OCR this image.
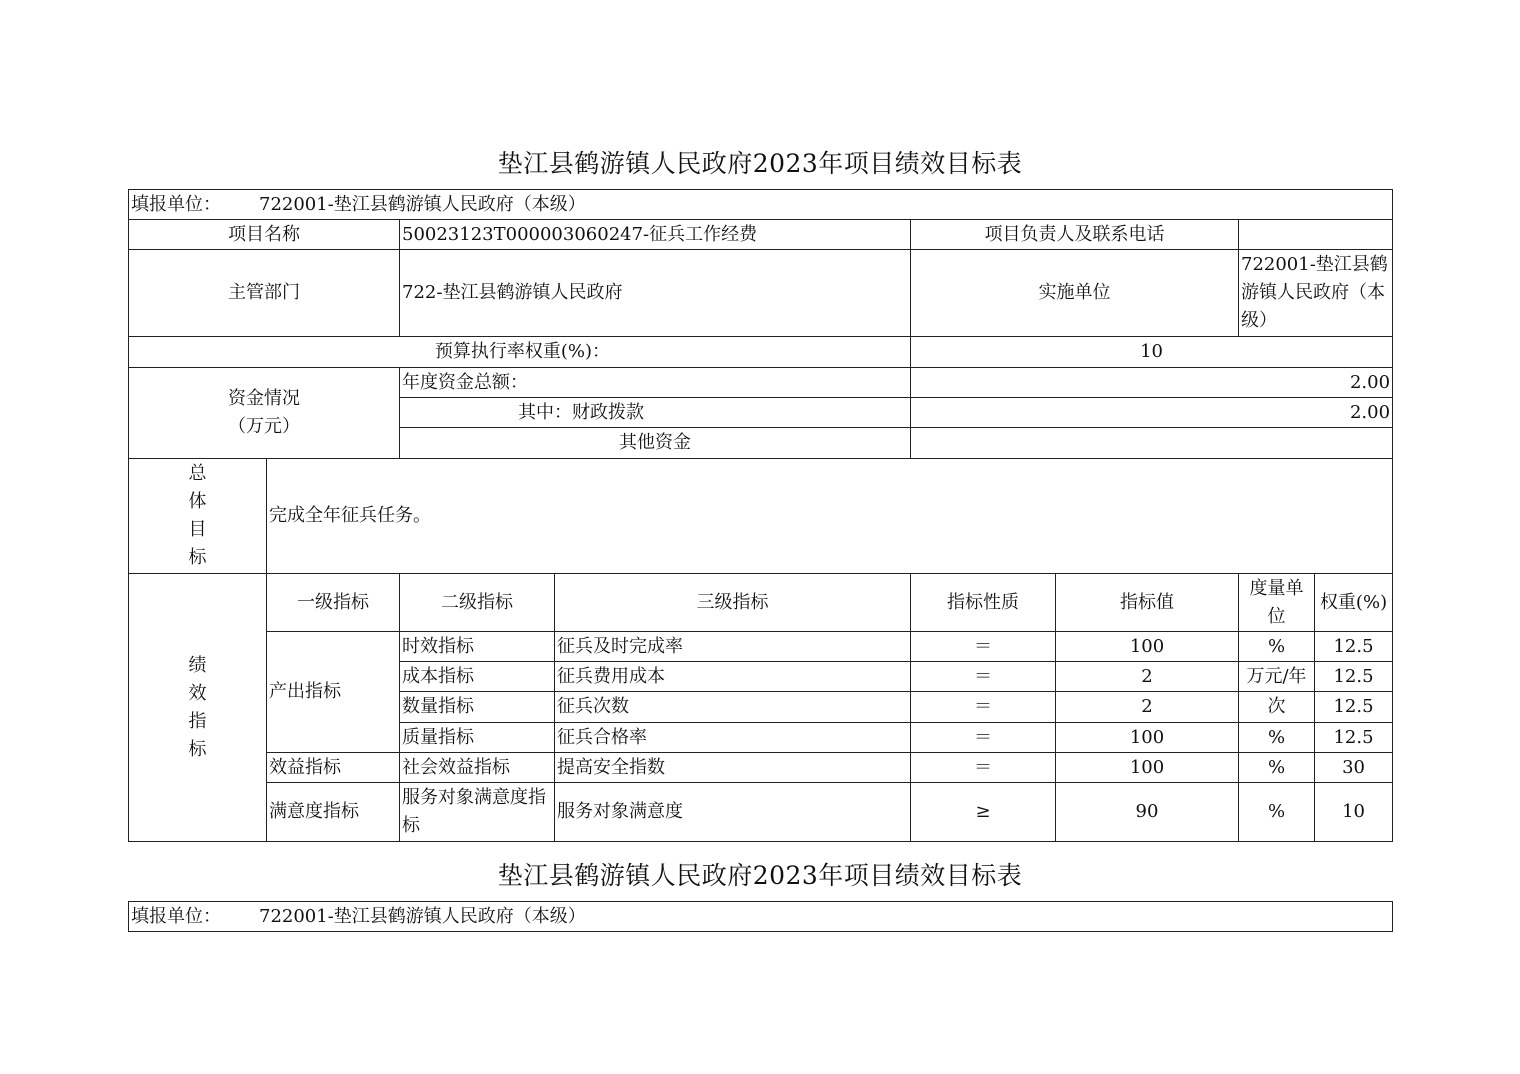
垫江县鹤游镇人民政府2023年项目绩效目标表
填报单位： 722001-垫江县鹤游镇人民政府（本级）							
项目名称		50023123T000003060247-征兵工作经费		项目负责人及联系电话			
主管部门		722-垫江县鹤游镇人民政府		实施单位		722001-垫江县鹤游镇人民政府（本级）	
预算执行率权重(%)：				10			

资金情况
（万元）		年度资金总额：		2.00			
		其中：财政拨款		2.00			
		其他资金					

总
体
目
标	完成全年征兵任务。						

绩
效
指
标	一级指标	二级指标	三级指标	指标性质	指标值	度量单位	权重(%)
	产出指标	时效指标	征兵及时完成率	＝	100	%	12.5
		成本指标	征兵费用成本	＝	2	万元/年	12.5
		数量指标	征兵次数	＝	2	次	12.5
		质量指标	征兵合格率	＝	100	%	12.5
	效益指标	社会效益指标	提高安全指数	＝	100	%	30
	满意度指标	服务对象满意度指标	服务对象满意度	≥	90	%	10
垫江县鹤游镇人民政府2023年项目绩效目标表
填报单位： 722001-垫江县鹤游镇人民政府（本级）
